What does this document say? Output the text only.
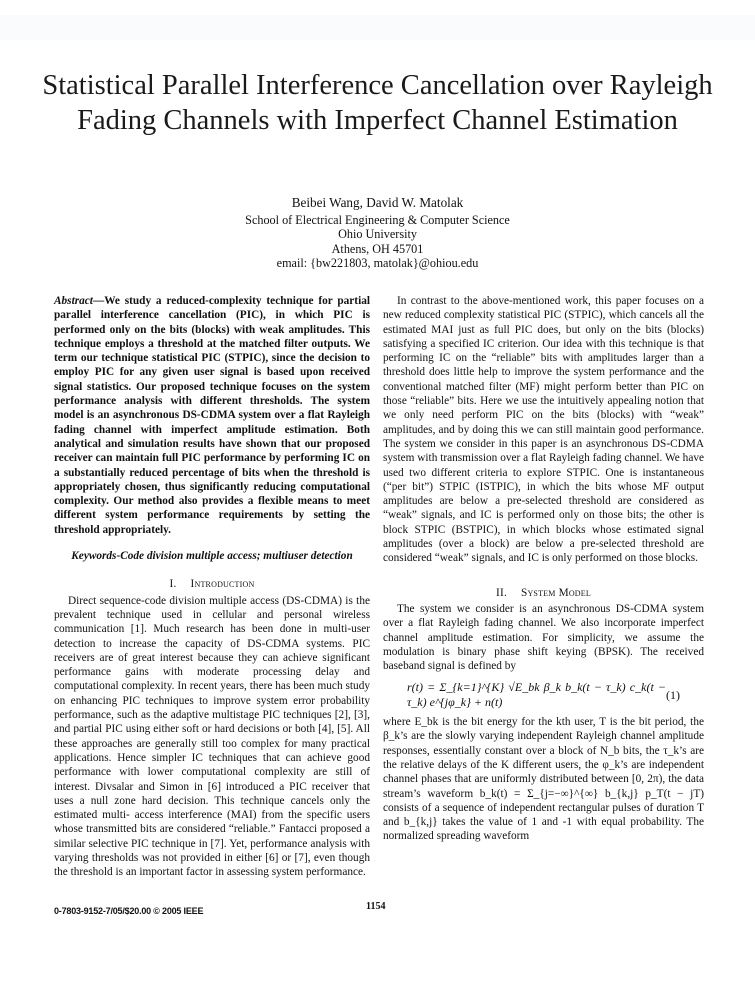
Statistical Parallel Interference Cancellation over Rayleigh Fading Channels with Imperfect Channel Estimation
Beibei Wang, David W. Matolak
School of Electrical Engineering & Computer Science
Ohio University
Athens, OH 45701
email: {bw221803, matolak}@ohiou.edu
Abstract—We study a reduced-complexity technique for partial parallel interference cancellation (PIC), in which PIC is performed only on the bits (blocks) with weak amplitudes. This technique employs a threshold at the matched filter outputs. We term our technique statistical PIC (STPIC), since the decision to employ PIC for any given user signal is based upon received signal statistics. Our proposed technique focuses on the system performance analysis with different thresholds. The system model is an asynchronous DS-CDMA system over a flat Rayleigh fading channel with imperfect amplitude estimation. Both analytical and simulation results have shown that our proposed receiver can maintain full PIC performance by performing IC on a substantially reduced percentage of bits when the threshold is appropriately chosen, thus significantly reducing computational complexity. Our method also provides a flexible means to meet different system performance requirements by setting the threshold appropriately.
Keywords-Code division multiple access; multiuser detection
I. Introduction

Direct sequence-code division multiple access (DS-CDMA) is the prevalent technique used in cellular and personal wireless communication [1]. Much research has been done in multi-user detection to increase the capacity of DS-CDMA systems. PIC receivers are of great interest because they can achieve significant performance gains with moderate processing delay and computational complexity. In recent years, there has been much study on enhancing PIC techniques to improve system error probability performance, such as the adaptive multistage PIC techniques [2], [3], and partial PIC using either soft or hard decisions or both [4], [5]. All these approaches are generally still too complex for many practical applications. Hence simpler IC techniques that can achieve good performance with lower computational complexity are still of interest. Divsalar and Simon in [6] introduced a PIC receiver that uses a null zone hard decision. This technique cancels only the estimated multi- access interference (MAI) from the specific users whose transmitted bits are considered “reliable.” Fantacci proposed a similar selective PIC technique in [7]. Yet, performance analysis with varying thresholds was not provided in either [6] or [7], even though the threshold is an important factor in assessing system performance.

In contrast to the above-mentioned work, this paper focuses on a new reduced complexity statistical PIC (STPIC), which cancels all the estimated MAI just as full PIC does, but only on the bits (blocks) satisfying a specified IC criterion. Our idea with this technique is that performing IC on the “reliable” bits with amplitudes larger than a threshold does little help to improve the system performance and the conventional matched filter (MF) might perform better than PIC on those “reliable” bits. Here we use the intuitively appealing notion that we only need perform PIC on the bits (blocks) with “weak” amplitudes, and by doing this we can still maintain good performance. The system we consider in this paper is an asynchronous DS-CDMA system with transmission over a flat Rayleigh fading channel. We have used two different criteria to explore STPIC. One is instantaneous (“per bit”) STPIC (ISTPIC), in which the bits whose MF output amplitudes are below a pre-selected threshold are considered as “weak” signals, and IC is performed only on those bits; the other is block STPIC (BSTPIC), in which blocks whose estimated signal amplitudes (over a block) are below a pre-selected threshold are considered “weak” signals, and IC is only performed on those blocks.

II. System Model

The system we consider is an asynchronous DS-CDMA system over a flat Rayleigh fading channel. We also incorporate imperfect channel amplitude estimation. For simplicity, we assume the modulation is binary phase shift keying (BPSK). The received baseband signal is defined by

r(t) = Σ_{k=1}^{K} √E_bk β_k b_k(t − τ_k) c_k(t − τ_k) e^{jφ_k} + n(t)
(1)

where E_bk is the bit energy for the kth user, T is the bit period, the β_k’s are the slowly varying independent Rayleigh channel amplitude responses, essentially constant over a block of N_b bits, the τ_k’s are the relative delays of the K different users, the φ_k’s are independent channel phases that are uniformly distributed between [0, 2π), the data stream’s waveform b_k(t) = Σ_{j=−∞}^{∞} b_{k,j} p_T(t − jT) consists of a sequence of independent rectangular pulses of duration T and b_{k,j} takes the value of 1 and -1 with equal probability. The normalized spreading waveform

0-7803-9152-7/05/$20.00 © 2005 IEEE	1154
